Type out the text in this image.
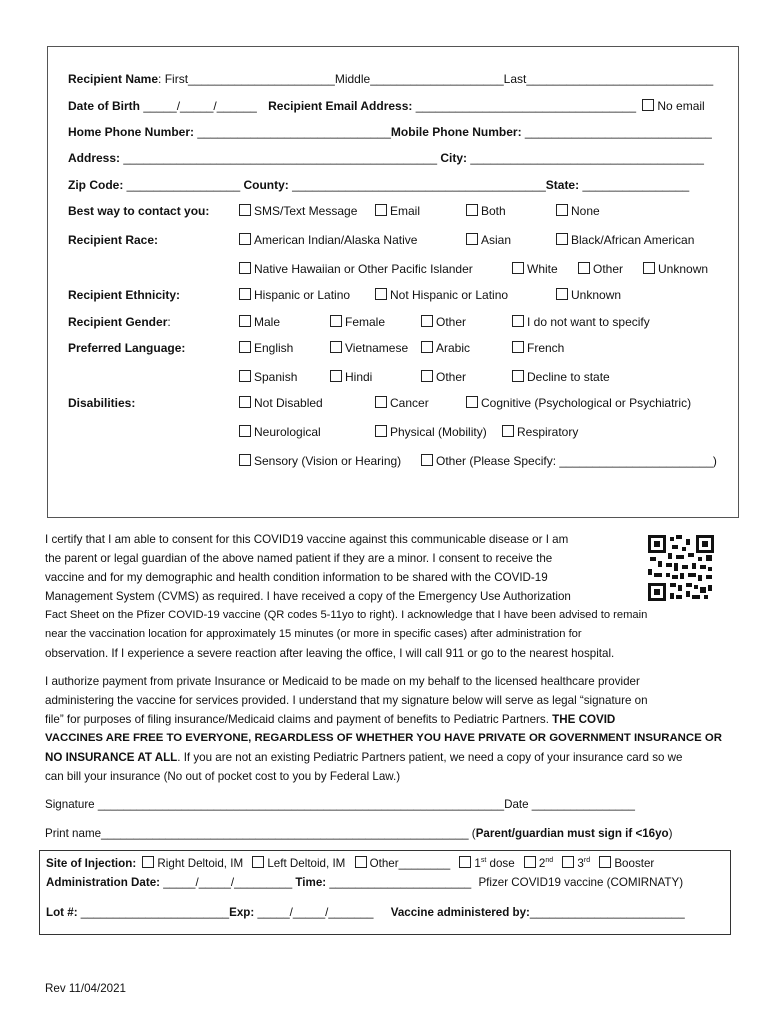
Recipient Name: First______________________Middle____________________Last____________________________
Date of Birth _____/_____/______ Recipient Email Address: _________________________________ No email
Home Phone Number: _____________________________Mobile Phone Number: ____________________________
Address: _______________________________________________ City: ___________________________________
Zip Code: _________________ County: ______________________________________State: ________________
Best way to contact you:	SMS/Text Message	Email	Both	None
Recipient Race:	American Indian/Alaska Native	Asian	Black/African American
Native Hawaiian or Other Pacific Islander	White	Other	Unknown
Recipient Ethnicity:	Hispanic or Latino	Not Hispanic or Latino	Unknown
Recipient Gender:	Male	Female	Other	I do not want to specify
Preferred Language:	English	Vietnamese	Arabic	French
Spanish	Hindi	Other	Decline to state
Disabilities:	Not Disabled	Cancer	Cognitive (Psychological or Psychiatric)
Neurological	Physical (Mobility)	Respiratory
Sensory (Vision or Hearing)	Other (Please Specify: _______________________)
I certify that I am able to consent for this COVID19 vaccine against this communicable disease or I am
the parent or legal guardian of the above named patient if they are a minor. I consent to receive the
vaccine and for my demographic and health condition information to be shared with the COVID-19
Management System (CVMS) as required. I have received a copy of the Emergency Use Authorization
Fact Sheet on the Pfizer COVID-19 vaccine (QR codes 5-11yo to right). I acknowledge that I have been advised to remain
near the vaccination location for approximately 15 minutes (or more in specific cases) after administration for
observation. If I experience a severe reaction after leaving the office, I will call 911 or go to the nearest hospital.
I authorize payment from private Insurance or Medicaid to be made on my behalf to the licensed healthcare provider
administering the vaccine for services provided. I understand that my signature below will serve as legal “signature on
file” for purposes of filing insurance/Medicaid claims and payment of benefits to Pediatric Partners. THE COVID
VACCINES ARE FREE TO EVERYONE, REGARDLESS OF WHETHER YOU HAVE PRIVATE OR GOVERNMENT INSURANCE OR
NO INSURANCE AT ALL. If you are not an existing Pediatric Partners patient, we need a copy of your insurance card so we
can bill your insurance (No out of pocket cost to you by Federal Law.)
Signature _______________________________________________________________Date ________________
Print name_________________________________________________________ (Parent/guardian must sign if <16yo)
Site of Injection: Right Deltoid, IM Left Deltoid, IM Other________ 1st dose 2nd 3rd Booster
Administration Date: _____/_____/_________ Time: ______________________ Pfizer COVID19 vaccine (COMIRNATY)
Lot #: _______________________Exp: _____/_____/_______ Vaccine administered by:________________________
Rev 11/04/2021
